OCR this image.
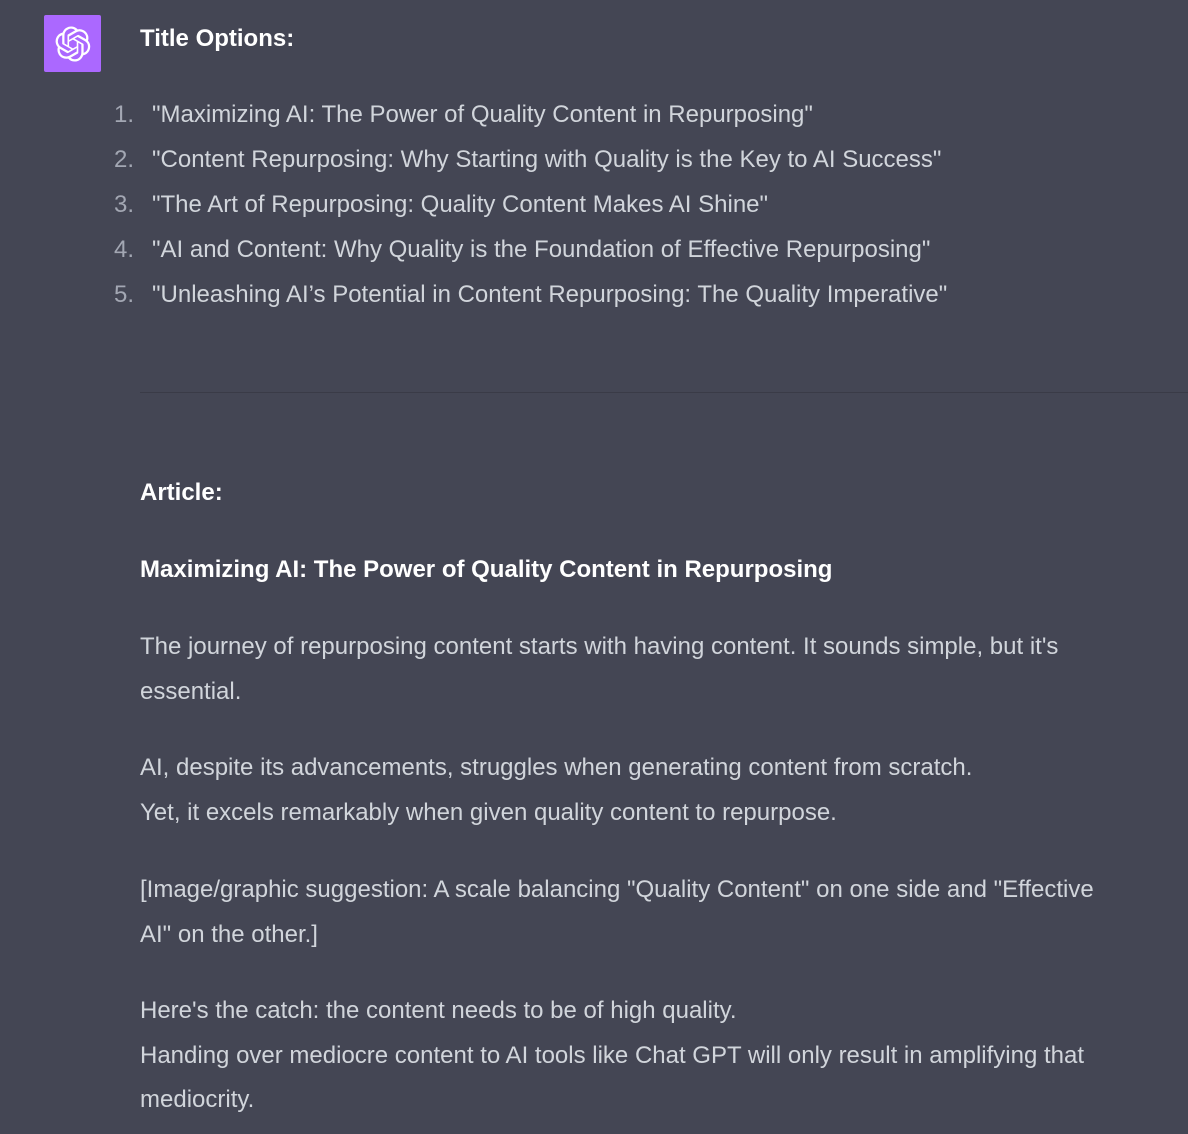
Title Options:
1. "Maximizing AI: The Power of Quality Content in Repurposing"
2. "Content Repurposing: Why Starting with Quality is the Key to AI Success"
3. "The Art of Repurposing: Quality Content Makes AI Shine"
4. "AI and Content: Why Quality is the Foundation of Effective Repurposing"
5. "Unleashing AI’s Potential in Content Repurposing: The Quality Imperative"
Article:
Maximizing AI: The Power of Quality Content in Repurposing

The journey of repurposing content starts with having content. It sounds simple, but it's
essential.

AI, despite its advancements, struggles when generating content from scratch.
Yet, it excels remarkably when given quality content to repurpose.

[Image/graphic suggestion: A scale balancing "Quality Content" on one side and "Effective
AI" on the other.]

Here's the catch: the content needs to be of high quality.
Handing over mediocre content to AI tools like Chat GPT will only result in amplifying that
mediocrity.
